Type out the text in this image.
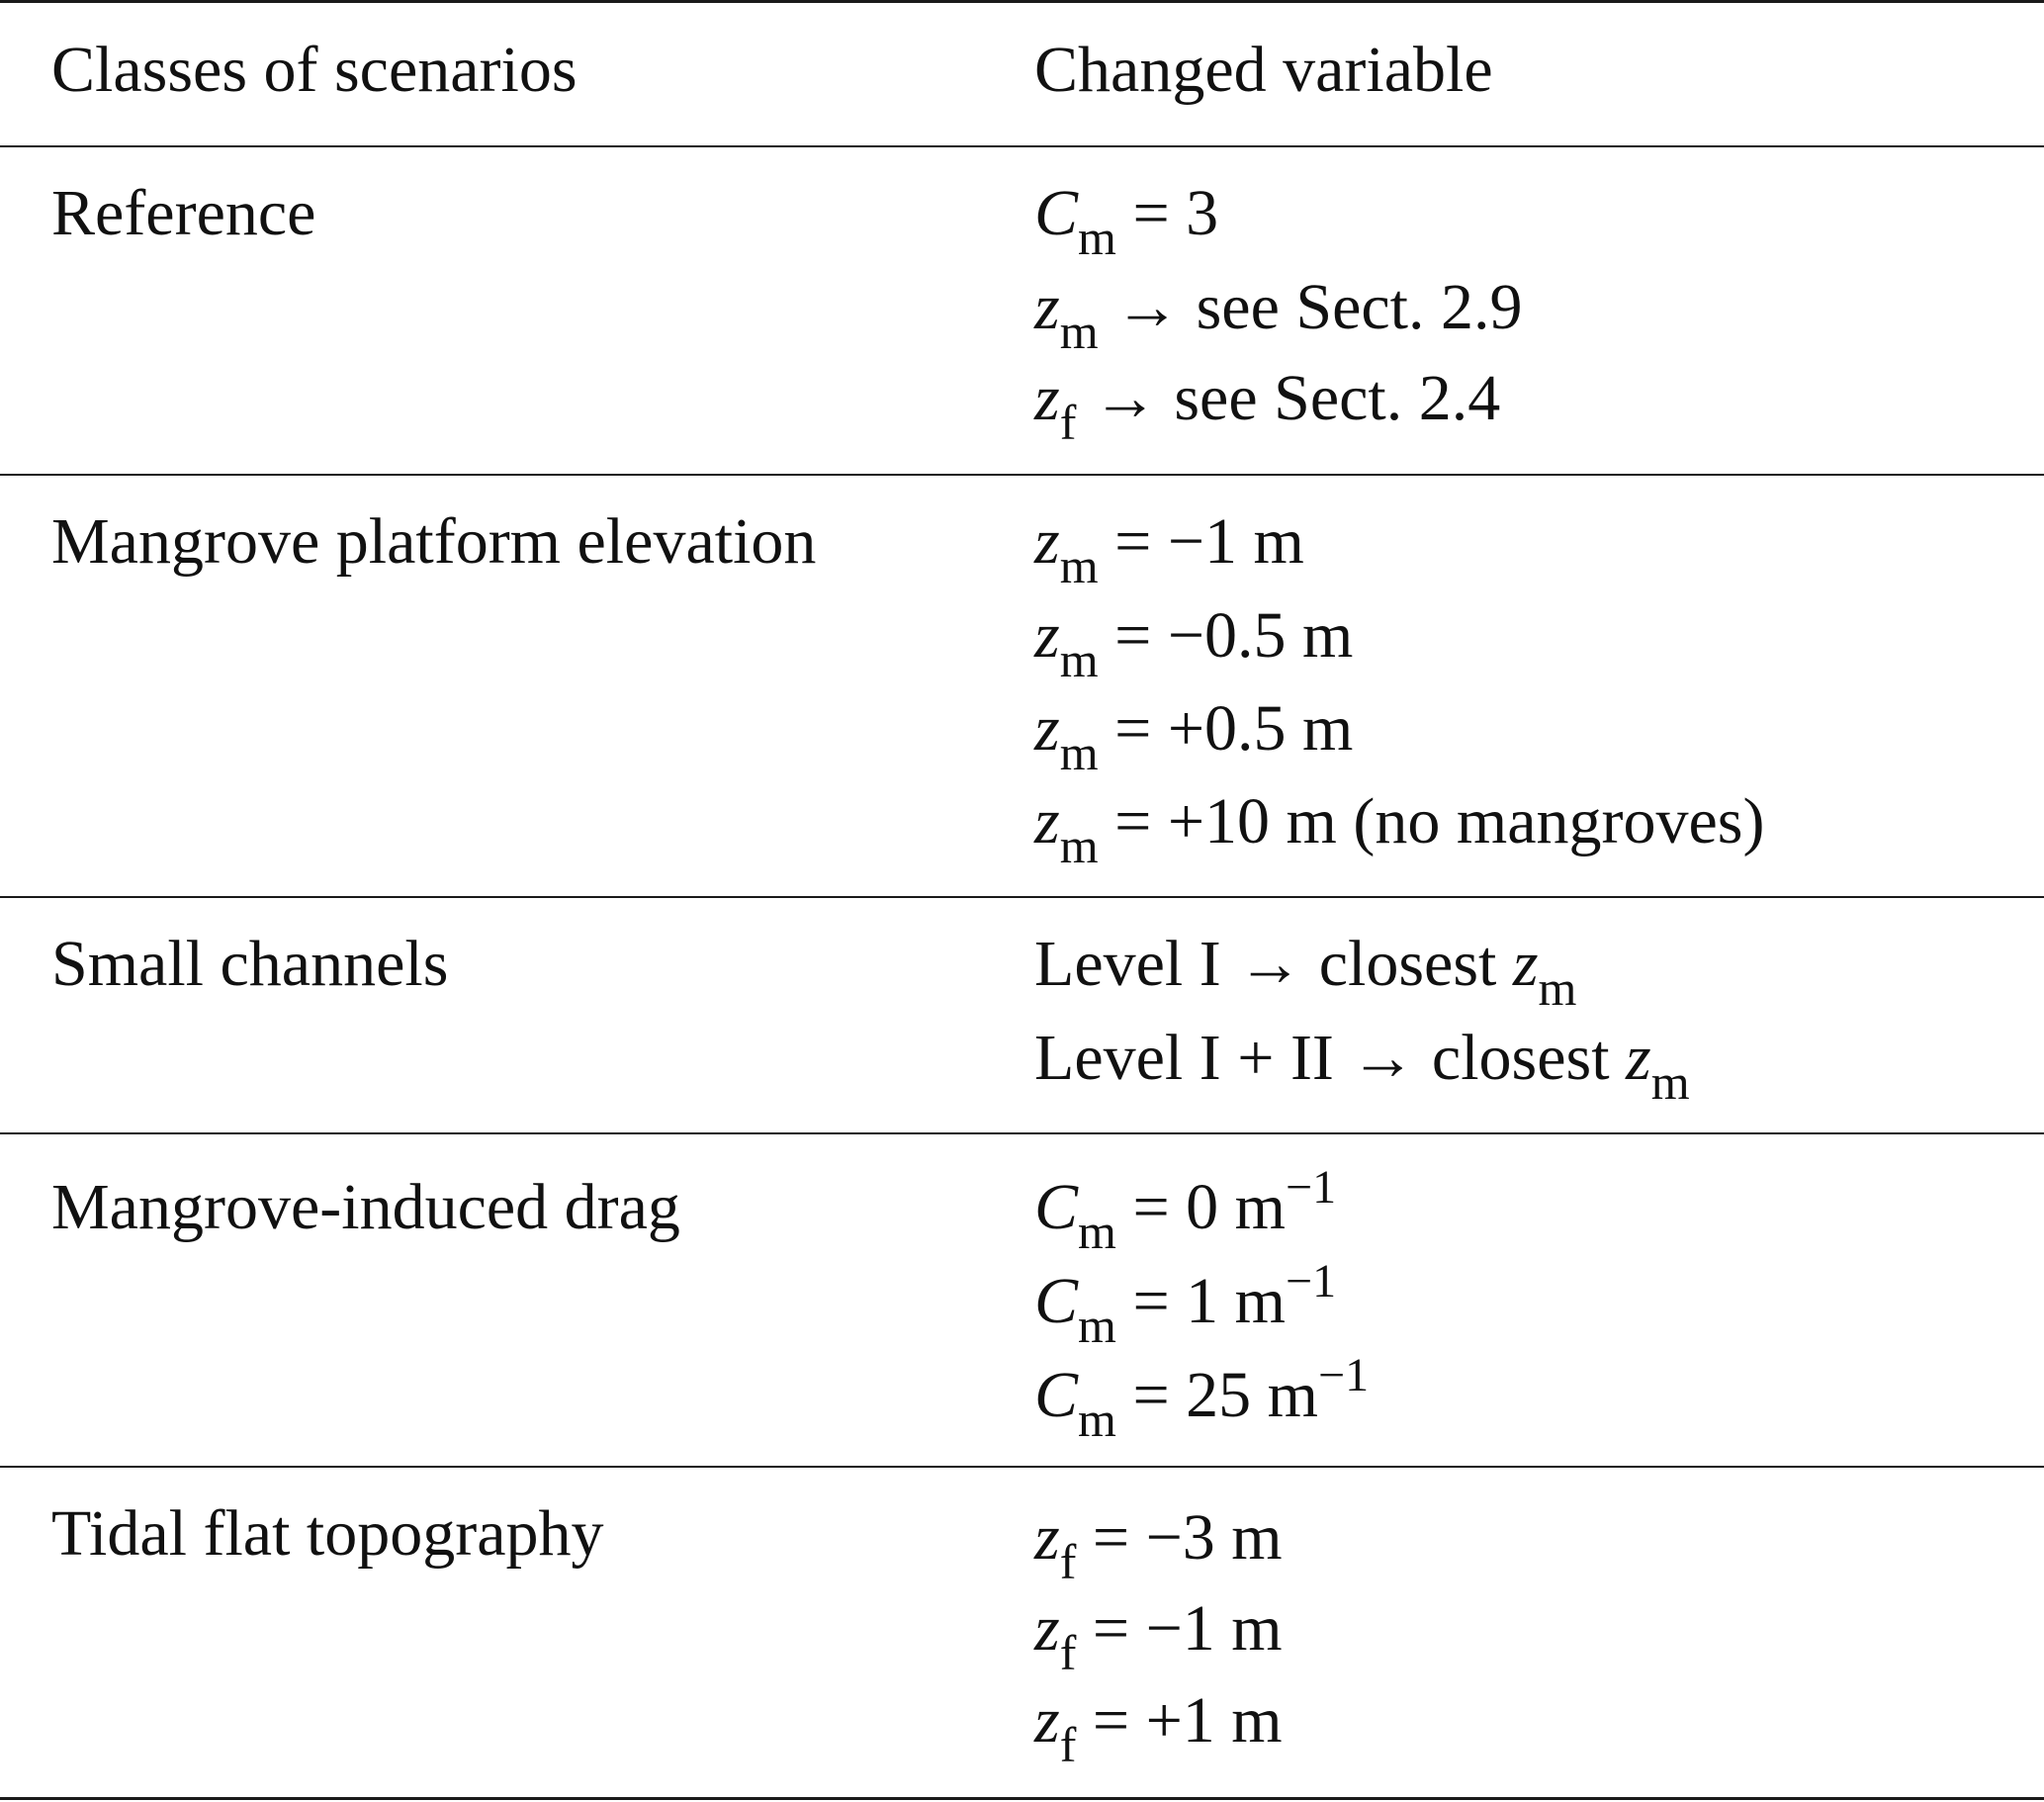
Classes of scenarios	Changed variable
Reference	$C_m = 3$
$z_m$ → see Sect. 2.9
$z_f$ → see Sect. 2.4
Mangrove platform elevation	$z_m = -1$ m
$z_m = -0.5$ m
$z_m = +0.5$ m
$z_m = +10$ m (no mangroves)
Small channels	Level I → closest $z_m$
Level I + II → closest $z_m$
Mangrove-induced drag	$C_m = 0$ $m^{-1}$
$C_m = 1$ $m^{-1}$
$C_m = 25$ $m^{-1}$
Tidal flat topography	$z_f = -3$ m
$z_f = -1$ m
$z_f = +1$ m
